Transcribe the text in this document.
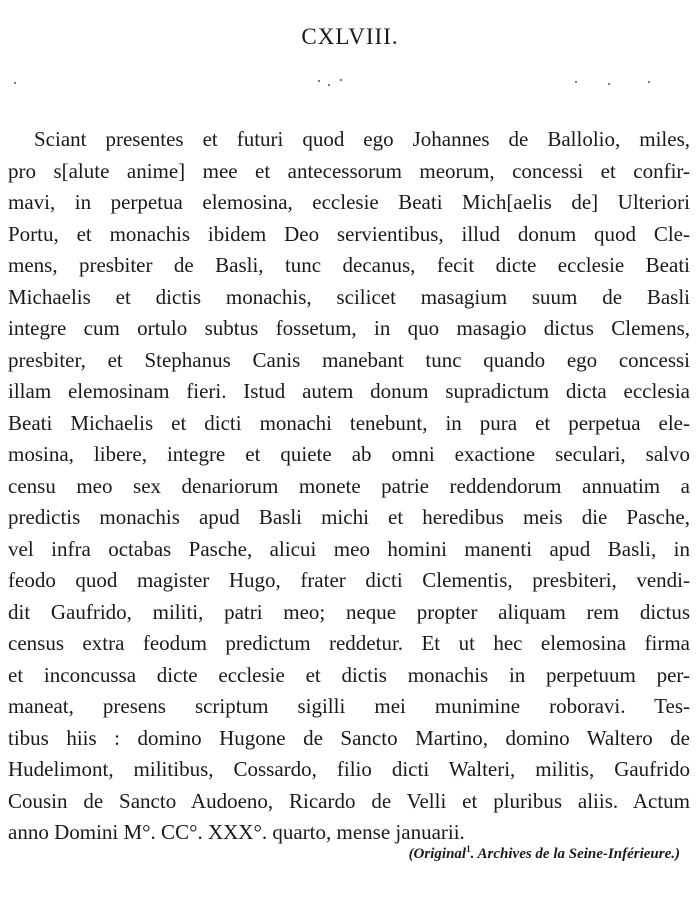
CXLVIII.
Sciant presentes et futuri quod ego Johannes de Ballolio, miles,
pro s[alute anime] mee et antecessorum meorum, concessi et confir-
mavi, in perpetua elemosina, ecclesie Beati Mich[aelis de] Ulteriori
Portu, et monachis ibidem Deo servientibus, illud donum quod Cle-
mens, presbiter de Basli, tunc decanus, fecit dicte ecclesie Beati
Michaelis et dictis monachis, scilicet masagium suum de Basli
integre cum ortulo subtus fossetum, in quo masagio dictus Clemens,
presbiter, et Stephanus Canis manebant tunc quando ego concessi
illam elemosinam fieri. Istud autem donum supradictum dicta ecclesia
Beati Michaelis et dicti monachi tenebunt, in pura et perpetua ele-
mosina, libere, integre et quiete ab omni exactione seculari, salvo
censu meo sex denariorum monete patrie reddendorum annuatim a
predictis monachis apud Basli michi et heredibus meis die Pasche,
vel infra octabas Pasche, alicui meo homini manenti apud Basli, in
feodo quod magister Hugo, frater dicti Clementis, presbiteri, vendi-
dit Gaufrido, militi, patri meo; neque propter aliquam rem dictus
census extra feodum predictum reddetur. Et ut hec elemosina firma
et inconcussa dicte ecclesie et dictis monachis in perpetuum per-
maneat, presens scriptum sigilli mei munimine roboravi. Tes-
tibus hiis : domino Hugone de Sancto Martino, domino Waltero de
Hudelimont, militibus, Cossardo, filio dicti Walteri, militis, Gaufrido
Cousin de Sancto Audoeno, Ricardo de Velli et pluribus aliis. Actum
anno Domini M°. CC°. XXX°. quarto, mense januarii.
(Original$^1$. Archives de la Seine-Inférieure.)
